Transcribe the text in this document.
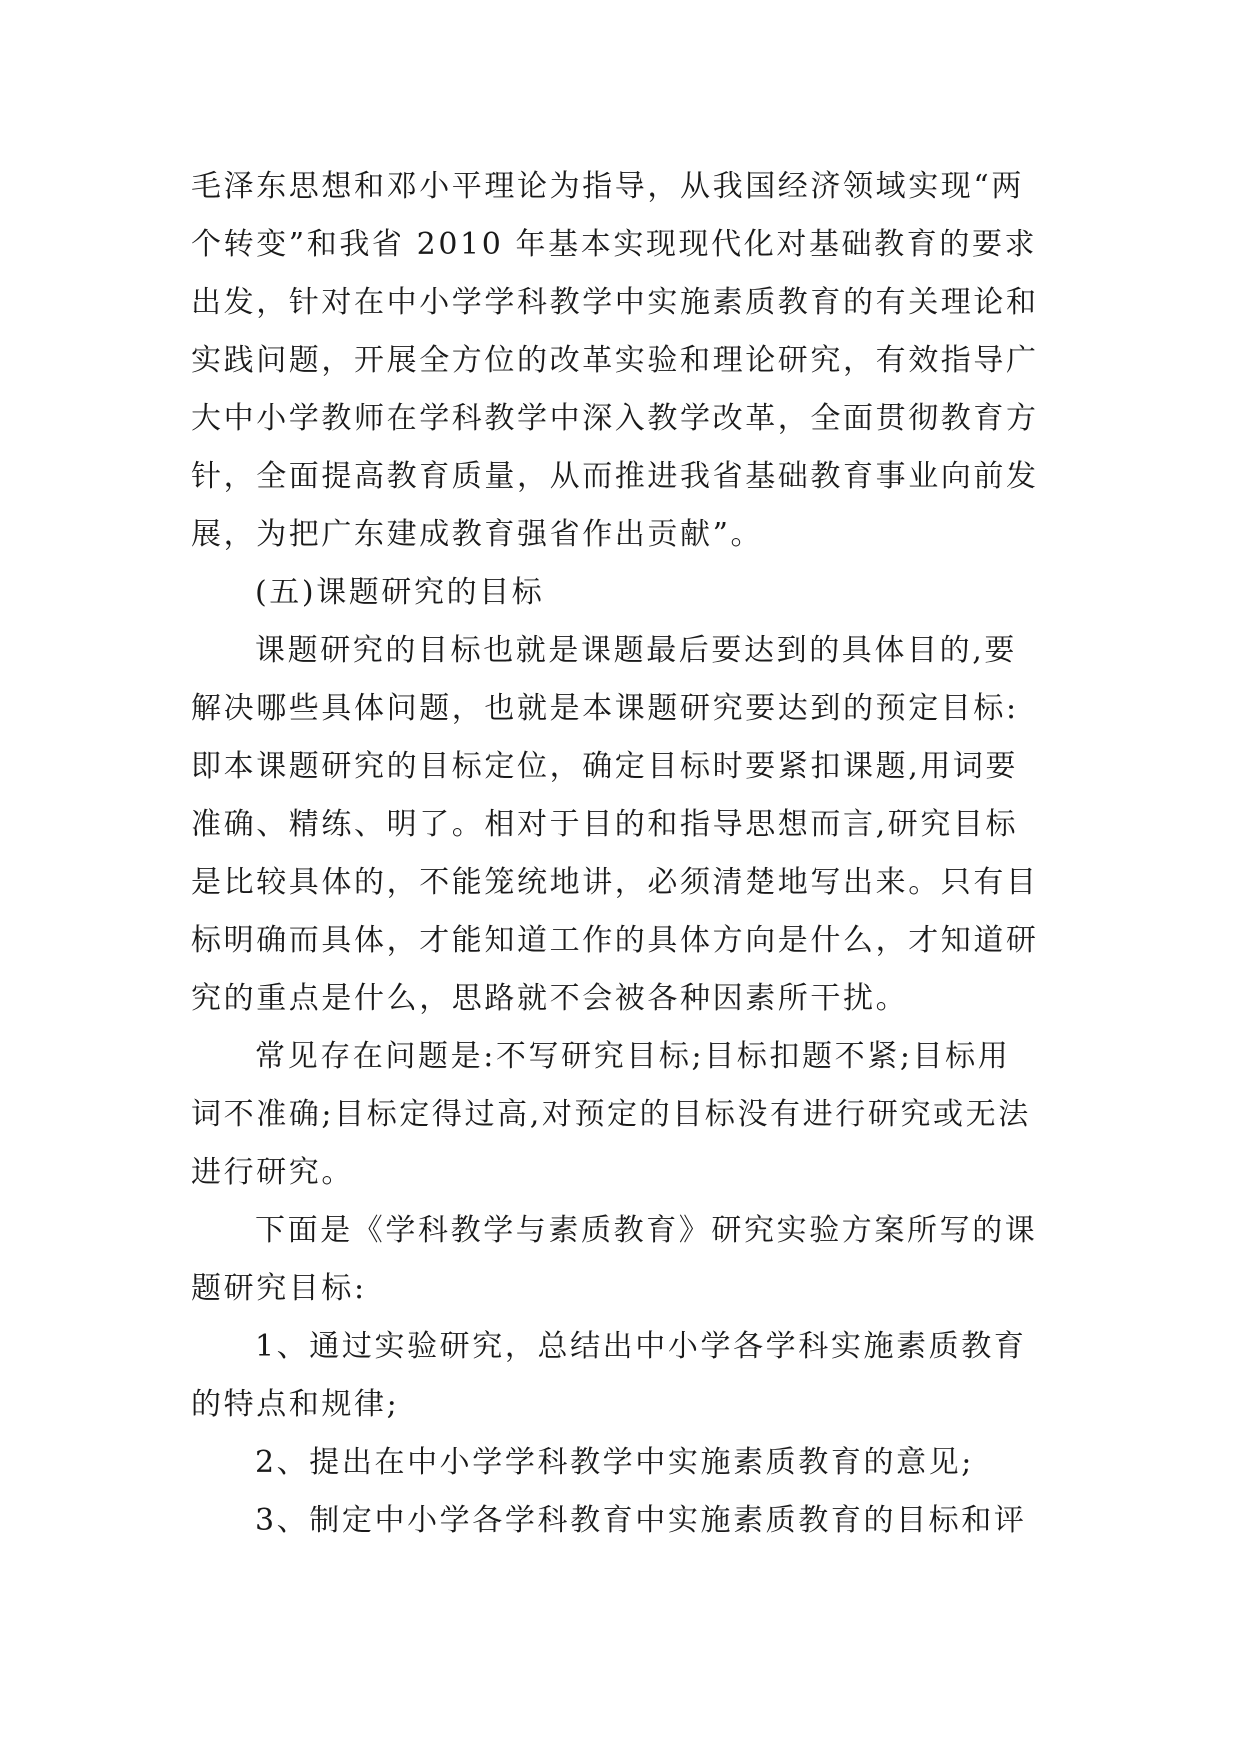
毛泽东思想和邓小平理论为指导，从我国经济领域实现“两
个转变”和我省 2010 年基本实现现代化对基础教育的要求
出发，针对在中小学学科教学中实施素质教育的有关理论和
实践问题，开展全方位的改革实验和理论研究，有效指导广
大中小学教师在学科教学中深入教学改革，全面贯彻教育方
针，全面提高教育质量，从而推进我省基础教育事业向前发
展，为把广东建成教育强省作出贡献”。
(五)课题研究的目标
课题研究的目标也就是课题最后要达到的具体目的,要
解决哪些具体问题，也就是本课题研究要达到的预定目标:
即本课题研究的目标定位，确定目标时要紧扣课题,用词要
准确、精练、明了。相对于目的和指导思想而言,研究目标
是比较具体的，不能笼统地讲，必须清楚地写出来。只有目
标明确而具体，才能知道工作的具体方向是什么，才知道研
究的重点是什么，思路就不会被各种因素所干扰。
常见存在问题是:不写研究目标;目标扣题不紧;目标用
词不准确;目标定得过高,对预定的目标没有进行研究或无法
进行研究。
下面是《学科教学与素质教育》研究实验方案所写的课
题研究目标:
1、通过实验研究，总结出中小学各学科实施素质教育
的特点和规律;
2、提出在中小学学科教学中实施素质教育的意见;
3、制定中小学各学科教育中实施素质教育的目标和评
